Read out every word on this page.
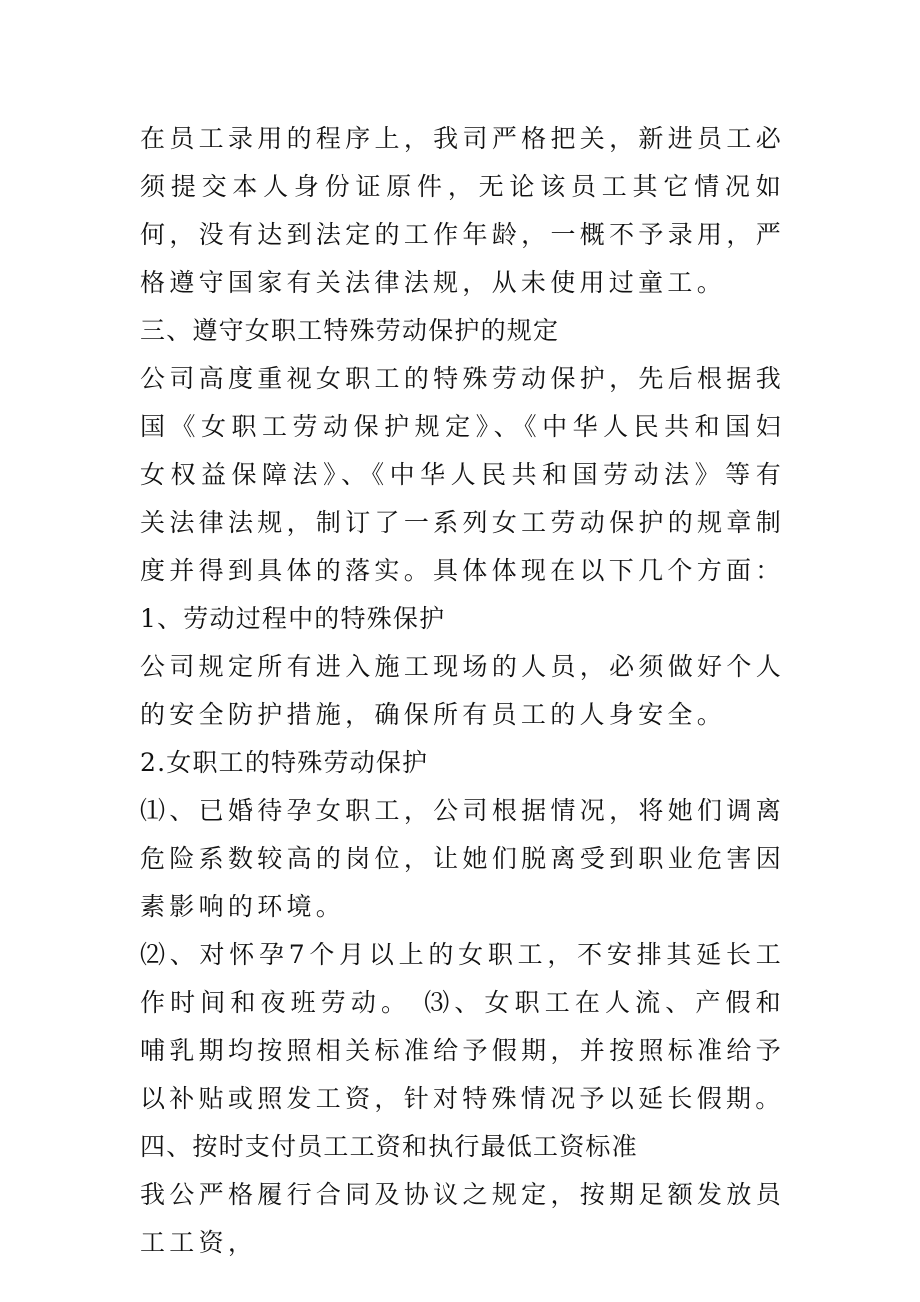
在员工录用的程序上，我司严格把关，新进员工必须提交本人身份证原件，无论该员工其它情况如何，没有达到法定的工作年龄，一概不予录用，严格遵守国家有关法律法规，从未使用过童工。

三、遵守女职工特殊劳动保护的规定

公司高度重视女职工的特殊劳动保护，先后根据我国《女职工劳动保护规定》、《中华人民共和国妇女权益保障法》、《中华人民共和国劳动法》等有关法律法规，制订了一系列女工劳动保护的规章制度并得到具体的落实。具体体现在以下几个方面：

1、劳动过程中的特殊保护

公司规定所有进入施工现场的人员，必须做好个人的安全防护措施，确保所有员工的人身安全。

2.女职工的特殊劳动保护

⑴、已婚待孕女职工，公司根据情况，将她们调离危险系数较高的岗位，让她们脱离受到职业危害因素影响的环境。

⑵、对怀孕7个月以上的女职工，不安排其延长工作时间和夜班劳动。 ⑶、女职工在人流、产假和哺乳期均按照相关标准给予假期，并按照标准给予以补贴或照发工资，针对特殊情况予以延长假期。

四、按时支付员工工资和执行最低工资标准

我公严格履行合同及协议之规定，按期足额发放员工工资，
